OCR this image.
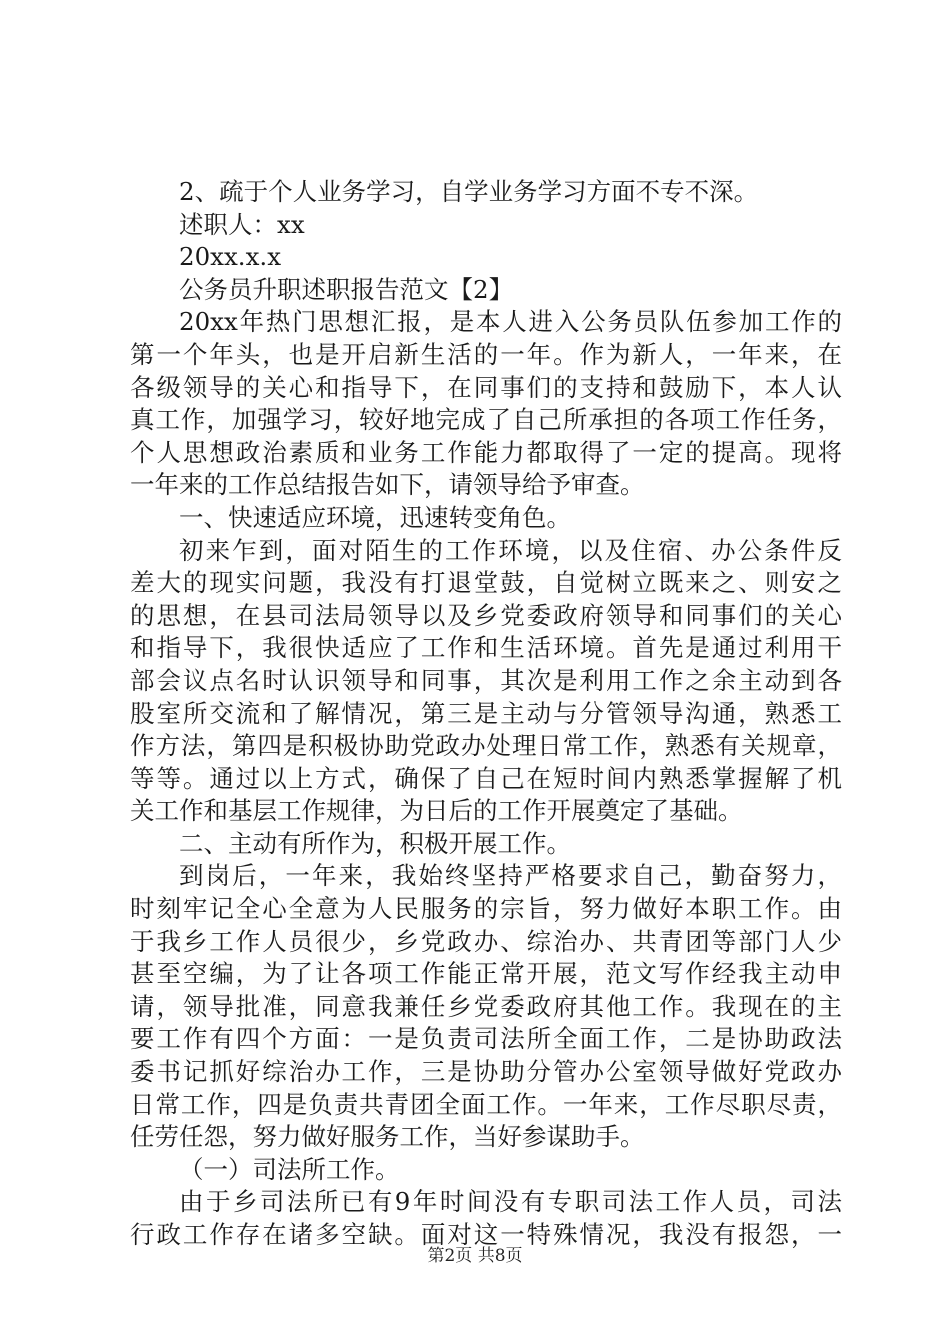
2、疏于个人业务学习，自学业务学习方面不专不深。
述职人：xx
20xx.x.x
公务员升职述职报告范文【2】
20xx年热门思想汇报，是本人进入公务员队伍参加工作的
第一个年头，也是开启新生活的一年。作为新人，一年来，在
各级领导的关心和指导下，在同事们的支持和鼓励下，本人认
真工作，加强学习，较好地完成了自己所承担的各项工作任务，
个人思想政治素质和业务工作能力都取得了一定的提高。现将
一年来的工作总结报告如下，请领导给予审查。
一、快速适应环境，迅速转变角色。
初来乍到，面对陌生的工作环境，以及住宿、办公条件反
差大的现实问题，我没有打退堂鼓，自觉树立既来之、则安之
的思想，在县司法局领导以及乡党委政府领导和同事们的关心
和指导下，我很快适应了工作和生活环境。首先是通过利用干
部会议点名时认识领导和同事，其次是利用工作之余主动到各
股室所交流和了解情况，第三是主动与分管领导沟通，熟悉工
作方法，第四是积极协助党政办处理日常工作，熟悉有关规章，
等等。通过以上方式，确保了自己在短时间内熟悉掌握解了机
关工作和基层工作规律，为日后的工作开展奠定了基础。
二、主动有所作为，积极开展工作。
到岗后，一年来，我始终坚持严格要求自己，勤奋努力，
时刻牢记全心全意为人民服务的宗旨，努力做好本职工作。由
于我乡工作人员很少，乡党政办、综治办、共青团等部门人少
甚至空编，为了让各项工作能正常开展，范文写作经我主动申
请，领导批准，同意我兼任乡党委政府其他工作。我现在的主
要工作有四个方面：一是负责司法所全面工作，二是协助政法
委书记抓好综治办工作，三是协助分管办公室领导做好党政办
日常工作，四是负责共青团全面工作。一年来，工作尽职尽责，
任劳任怨，努力做好服务工作，当好参谋助手。
（一）司法所工作。
由于乡司法所已有9年时间没有专职司法工作人员，司法
行政工作存在诸多空缺。面对这一特殊情况，我没有报怨，一
第2页 共8页
